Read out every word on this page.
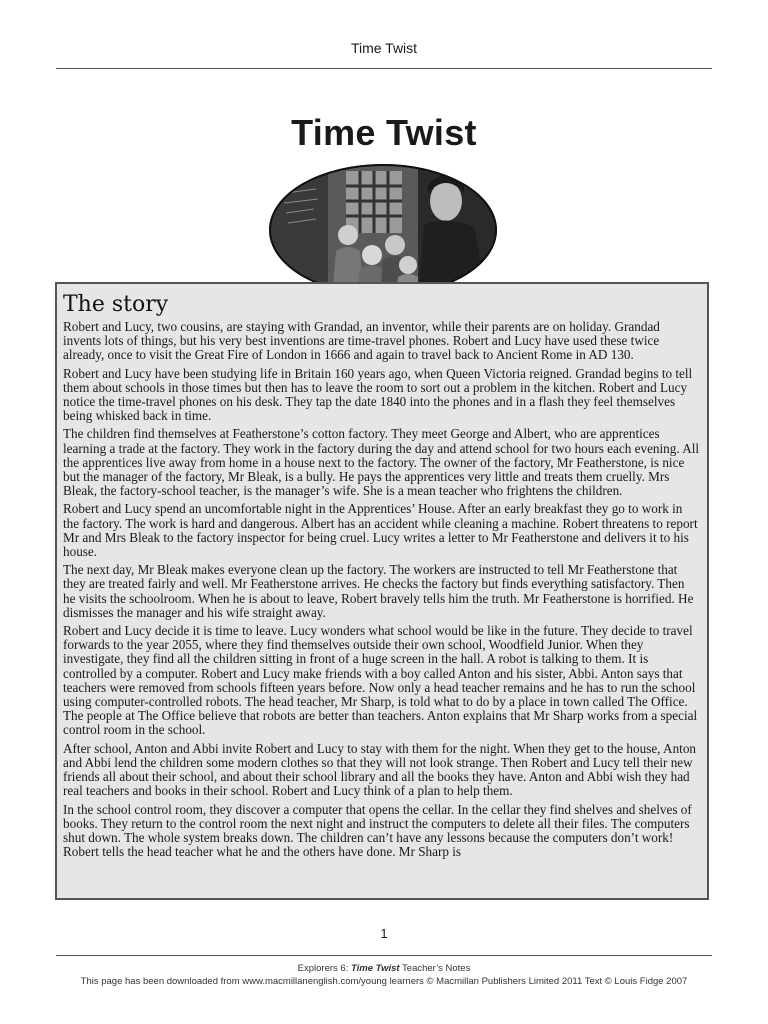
Time Twist
Time Twist
The story

Robert and Lucy, two cousins, are staying with Grandad, an inventor, while their parents are on holiday. Grandad invents lots of things, but his very best inventions are time-travel phones. Robert and Lucy have used these twice already, once to visit the Great Fire of London in 1666 and again to travel back to Ancient Rome in AD 130.

Robert and Lucy have been studying life in Britain 160 years ago, when Queen Victoria reigned. Grandad begins to tell them about schools in those times but then has to leave the room to sort out a problem in the kitchen. Robert and Lucy notice the time-travel phones on his desk. They tap the date 1840 into the phones and in a flash they feel themselves being whisked back in time.

The children find themselves at Featherstone’s cotton factory. They meet George and Albert, who are apprentices learning a trade at the factory. They work in the factory during the day and attend school for two hours each evening. All the apprentices live away from home in a house next to the factory. The owner of the factory, Mr Featherstone, is nice but the manager of the factory, Mr Bleak, is a bully. He pays the apprentices very little and treats them cruelly. Mrs Bleak, the factory-school teacher, is the manager’s wife. She is a mean teacher who frightens the children.

Robert and Lucy spend an uncomfortable night in the Apprentices’ House. After an early breakfast they go to work in the factory. The work is hard and dangerous. Albert has an accident while cleaning a machine. Robert threatens to report Mr and Mrs Bleak to the factory inspector for being cruel. Lucy writes a letter to Mr Featherstone and delivers it to his house.

The next day, Mr Bleak makes everyone clean up the factory. The workers are instructed to tell Mr Featherstone that they are treated fairly and well. Mr Featherstone arrives. He checks the factory but finds everything satisfactory. Then he visits the schoolroom. When he is about to leave, Robert bravely tells him the truth. Mr Featherstone is horrified. He dismisses the manager and his wife straight away.

Robert and Lucy decide it is time to leave. Lucy wonders what school would be like in the future. They decide to travel forwards to the year 2055, where they find themselves outside their own school, Woodfield Junior. When they investigate, they find all the children sitting in front of a huge screen in the hall. A robot is talking to them. It is controlled by a computer. Robert and Lucy make friends with a boy called Anton and his sister, Abbi. Anton says that teachers were removed from schools fifteen years before. Now only a head teacher remains and he has to run the school using computer-controlled robots. The head teacher, Mr Sharp, is told what to do by a place in town called The Office. The people at The Office believe that robots are better than teachers. Anton explains that Mr Sharp works from a special control room in the school.

After school, Anton and Abbi invite Robert and Lucy to stay with them for the night. When they get to the house, Anton and Abbi lend the children some modern clothes so that they will not look strange. Then Robert and Lucy tell their new friends all about their school, and about their school library and all the books they have. Anton and Abbi wish they had real teachers and books in their school. Robert and Lucy think of a plan to help them.

In the school control room, they discover a computer that opens the cellar. In the cellar they find shelves and shelves of books. They return to the control room the next night and instruct the computers to delete all their files. The computers shut down. The whole system breaks down. The children can’t have any lessons because the computers don’t work! Robert tells the head teacher what he and the others have done. Mr Sharp is

1
Explorers 6: Time Twist Teacher’s Notes
This page has been downloaded from www.macmillanenglish.com/young learners © Macmillan Publishers Limited 2011 Text © Louis Fidge 2007
